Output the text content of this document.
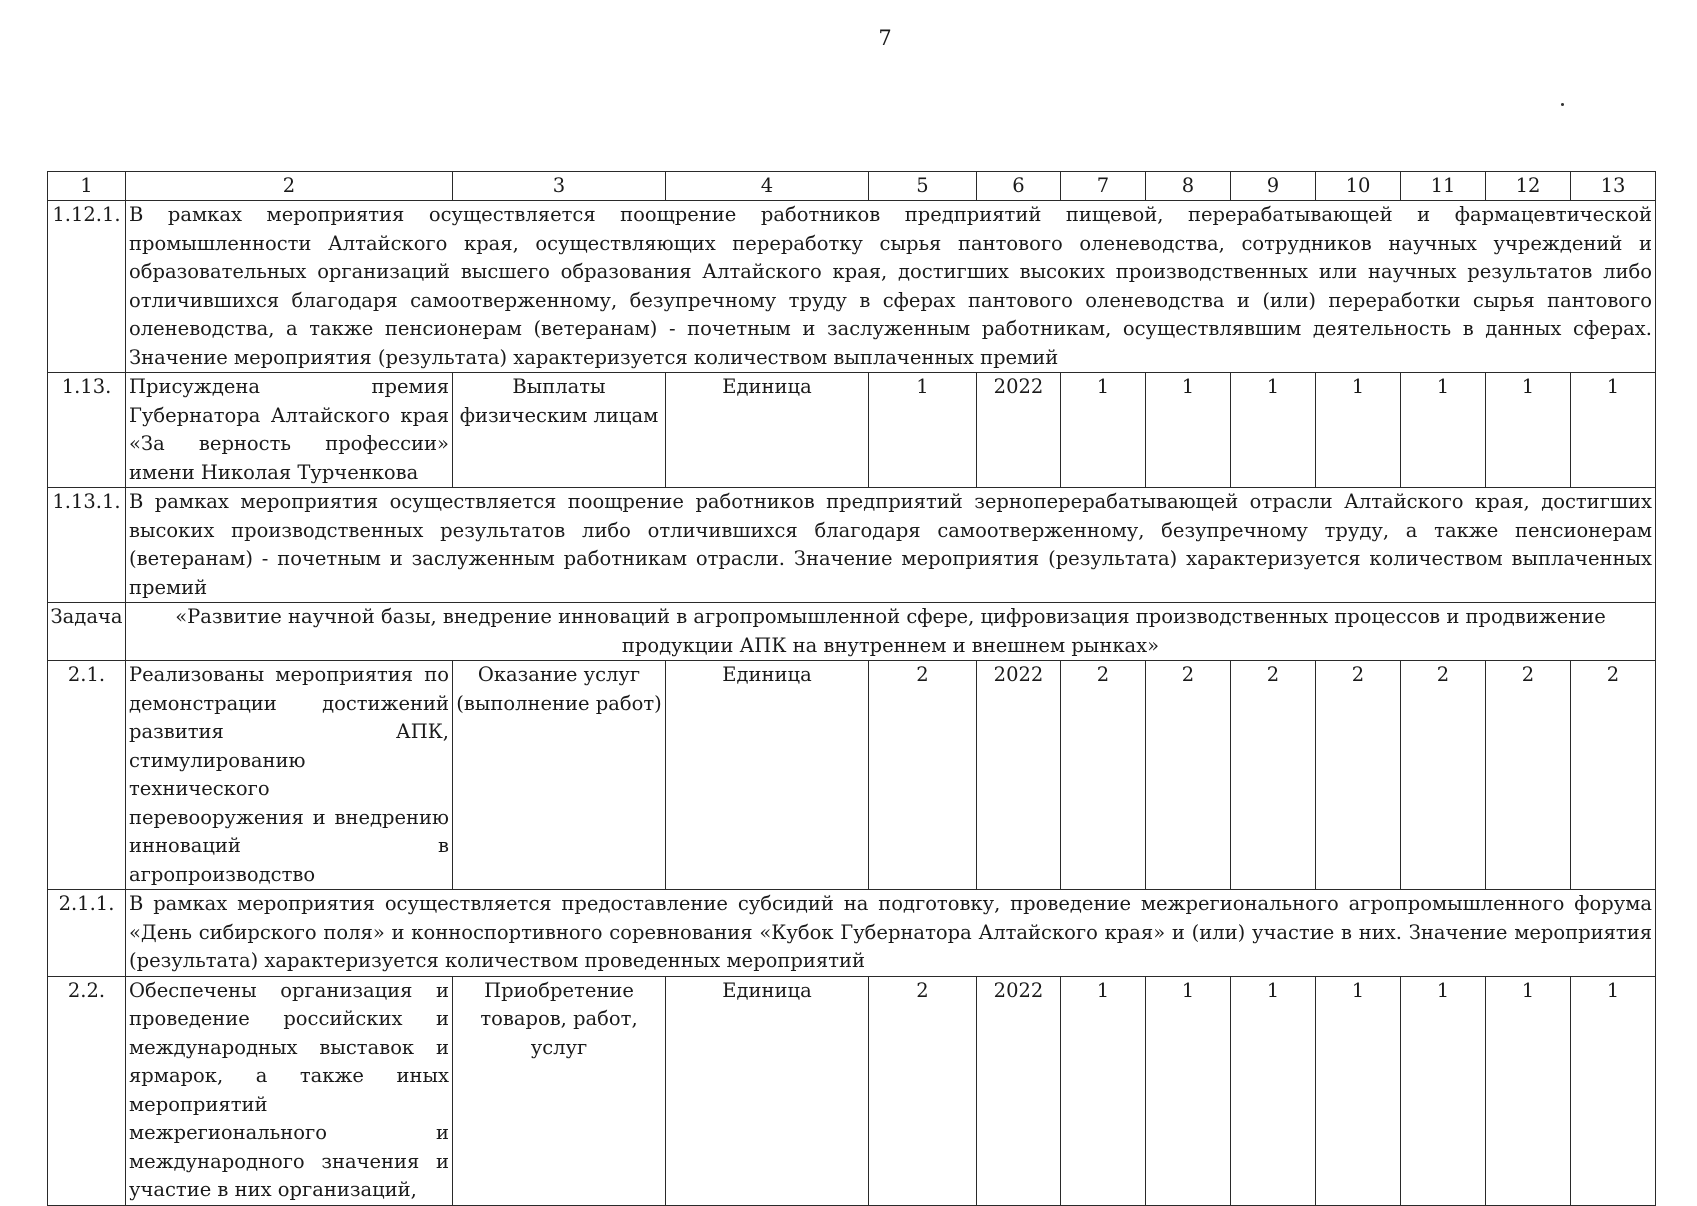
7
1	2	3	4	5	6	7	8	9	10	11	12	13
1.12.1.	В рамках мероприятия осуществляется поощрение работников предприятий пищевой, перерабатывающей и фармацевтической промышленности Алтайского края, осуществляющих переработку сырья пантового оленеводства, сотрудников научных учреждений и образовательных организаций высшего образования Алтайского края, достигших высоких производственных или научных результатов либо отличившихся благодаря самоотверженному, безупречному труду в сферах пантового оленеводства и (или) переработки сырья пантового оленеводства, а также пенсионерам (ветеранам) - почетным и заслуженным работникам, осуществлявшим деятельность в данных сферах. Значение мероприятия (результата) характеризуется количеством выплаченных премий											
1.13.	Присуждена премия Губернатора Алтайского края «За верность профессии» имени Николая Турченкова	Выплаты физическим лицам	Единица	1	2022	1	1	1	1	1	1	1
1.13.1.	В рамках мероприятия осуществляется поощрение работников предприятий зерноперерабатывающей отрасли Алтайского края, достигших высоких производственных результатов либо отличившихся благодаря самоотверженному, безупречному труду, а также пенсионерам (ветеранам) - почетным и заслуженным работникам отрасли. Значение мероприятия (результата) характеризуется количеством выплаченных премий											
Задача	«Развитие научной базы, внедрение инноваций в агропромышленной сфере, цифровизация производственных процессов и продвижение продукции АПК на внутреннем и внешнем рынках»											
2.1.	Реализованы мероприятия по демонстрации достижений развития АПК, стимулированию технического перевооружения и внедрению инноваций в агропроизводство	Оказание услуг (выполнение работ)	Единица	2	2022	2	2	2	2	2	2	2
2.1.1.	В рамках мероприятия осуществляется предоставление субсидий на подготовку, проведение межрегионального агропромышленного форума «День сибирского поля» и конноспортивного соревнования «Кубок Губернатора Алтайского края» и (или) участие в них. Значение мероприятия (результата) характеризуется количеством проведенных мероприятий											
2.2.	Обеспечены организация и проведение российских и международных выставок и ярмарок, а также иных мероприятий межрегионального и международного значения и участие в них организаций,	Приобретение товаров, работ, услуг	Единица	2	2022	1	1	1	1	1	1	1
